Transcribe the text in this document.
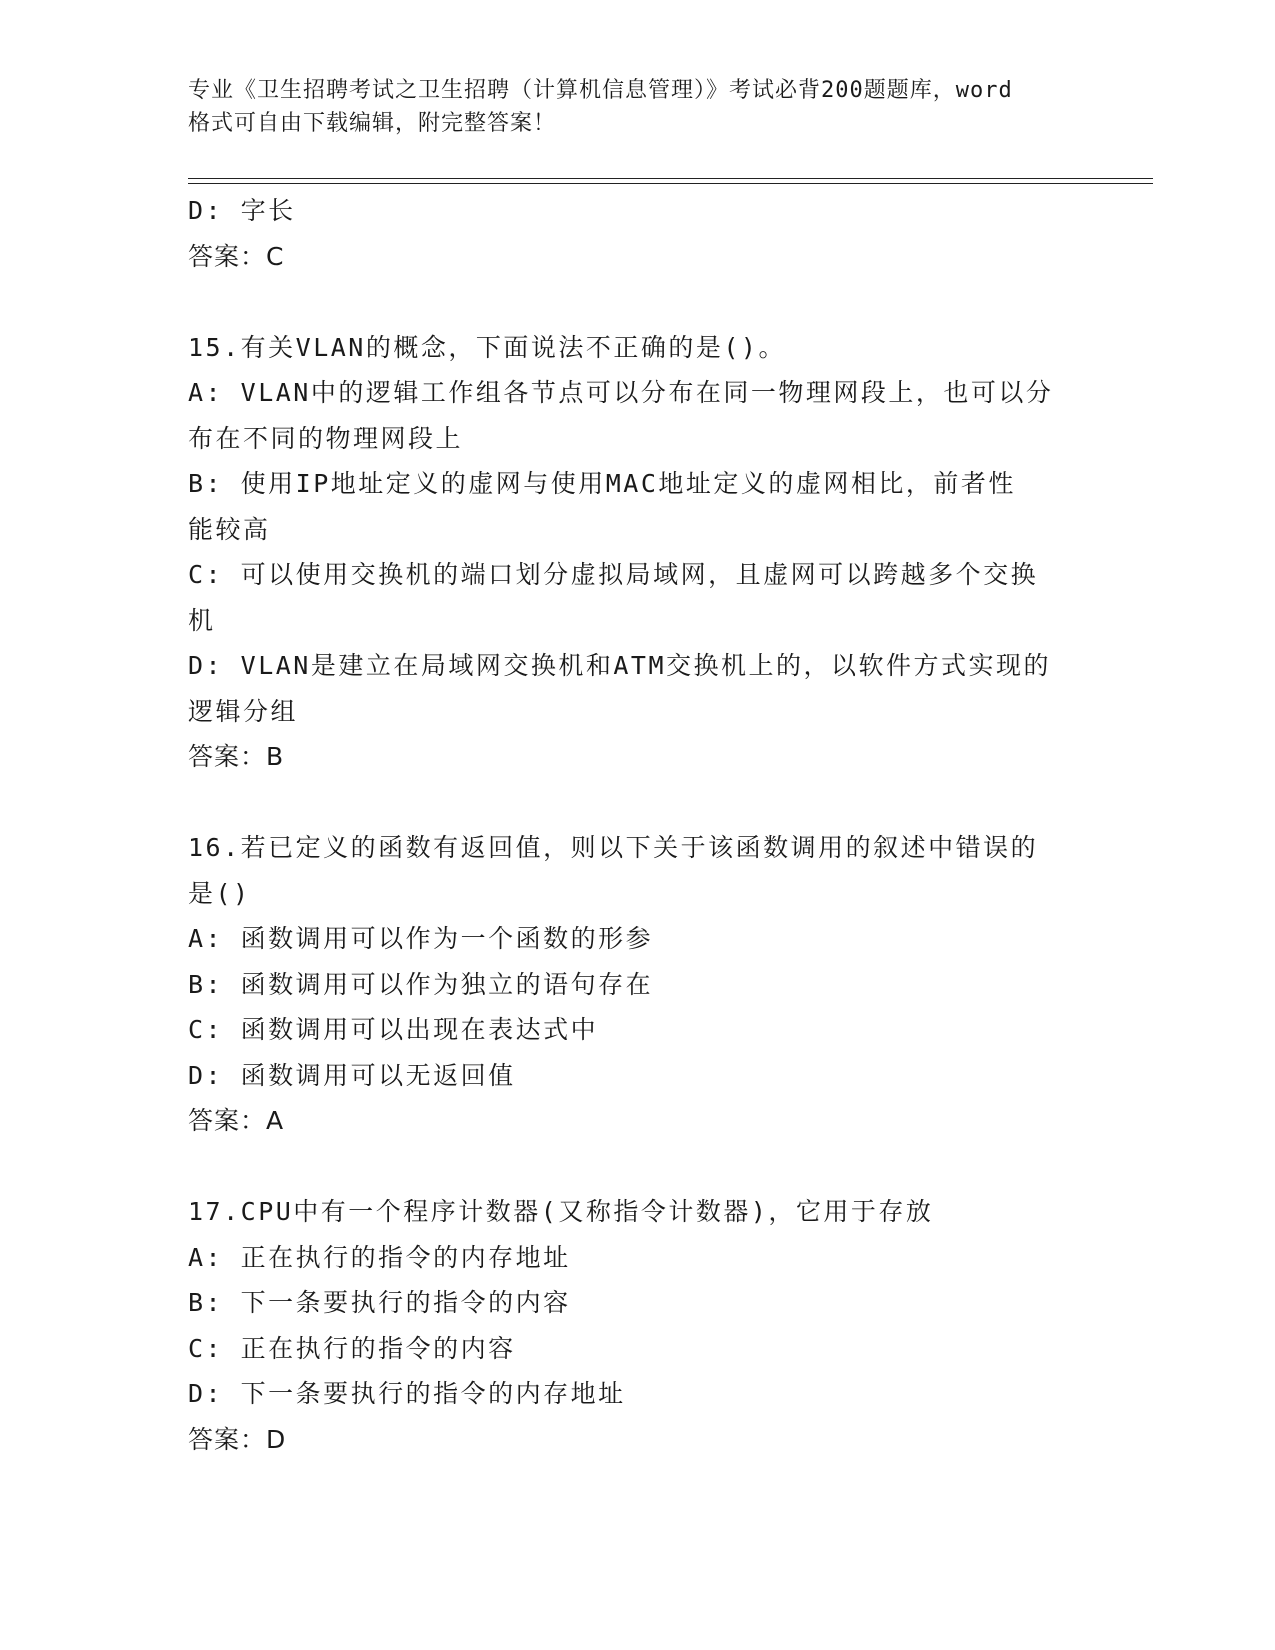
专业《卫生招聘考试之卫生招聘（计算机信息管理）》考试必背200题题库，word
格式可自由下载编辑，附完整答案！
D: 字长
答案：C
15.有关VLAN的概念，下面说法不正确的是()。
A: VLAN中的逻辑工作组各节点可以分布在同一物理网段上，也可以分
布在不同的物理网段上
B: 使用IP地址定义的虚网与使用MAC地址定义的虚网相比，前者性
能较高
C: 可以使用交换机的端口划分虚拟局域网，且虚网可以跨越多个交换
机
D: VLAN是建立在局域网交换机和ATM交换机上的，以软件方式实现的
逻辑分组
答案：B
16.若已定义的函数有返回值，则以下关于该函数调用的叙述中错误的
是()
A: 函数调用可以作为一个函数的形参
B: 函数调用可以作为独立的语句存在
C: 函数调用可以出现在表达式中
D: 函数调用可以无返回值
答案：A
17.CPU中有一个程序计数器(又称指令计数器)，它用于存放
A: 正在执行的指令的内存地址
B: 下一条要执行的指令的内容
C: 正在执行的指令的内容
D: 下一条要执行的指令的内存地址
答案：D
